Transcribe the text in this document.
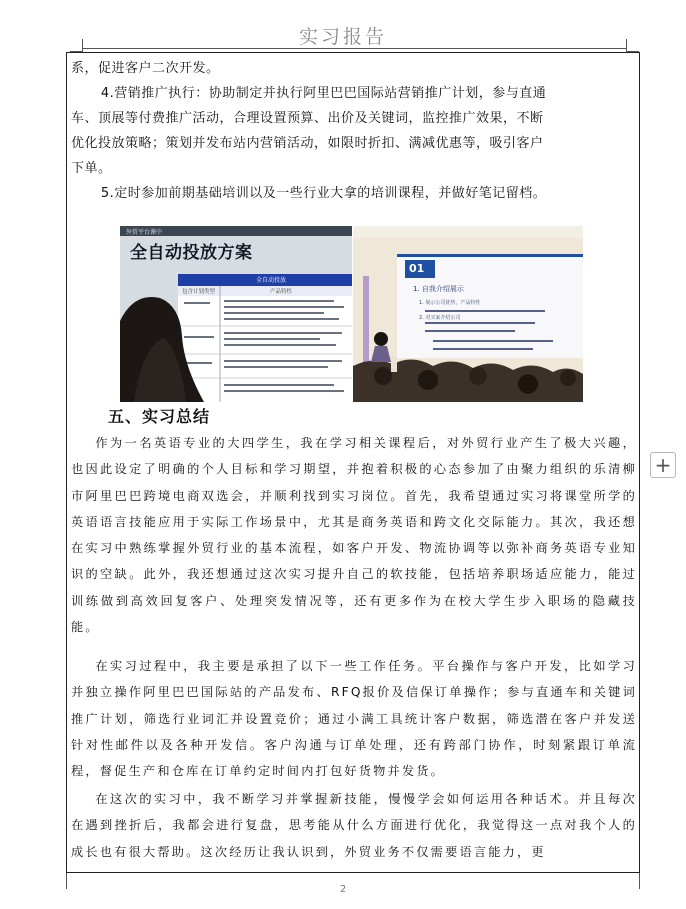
实习报告
系，促进客户二次开发。
4.营销推广执行：协助制定并执行阿里巴巴国际站营销推广计划，参与直通
车、顶展等付费推广活动，合理设置预算、出价及关键词，监控推广效果，不断
优化投放策略；策划并发布站内营销活动，如限时折扣、满减优惠等，吸引客户
下单。
5.定时参加前期基础培训以及一些行业大拿的培训课程，并做好笔记留档。
外贸平台课中
全自动投放方案
全自动投放
包含计划类型	产品特性
01
1. 自我介绍展示
1. 展示公司优势，产品特性
2. 对买家介绍公司
五、实习总结

作为一名英语专业的大四学生，我在学习相关课程后，对外贸行业产生了极大兴趣，也因此设定了明确的个人目标和学习期望，并抱着积极的心态参加了由聚力组织的乐清柳市阿里巴巴跨境电商双选会，并顺利找到实习岗位。首先，我希望通过实习将课堂所学的英语语言技能应用于实际工作场景中，尤其是商务英语和跨文化交际能力。其次，我还想在实习中熟练掌握外贸行业的基本流程，如客户开发、物流协调等以弥补商务英语专业知识的空缺。此外，我还想通过这次实习提升自己的软技能，包括培养职场适应能力，能过训练做到高效回复客户、处理突发情况等，还有更多作为在校大学生步入职场的隐藏技能。

在实习过程中，我主要是承担了以下一些工作任务。平台操作与客户开发，比如学习并独立操作阿里巴巴国际站的产品发布、RFQ报价及信保订单操作；参与直通车和关键词推广计划，筛选行业词汇并设置竞价；通过小满工具统计客户数据，筛选潜在客户并发送针对性邮件以及各种开发信。客户沟通与订单处理，还有跨部门协作，时刻紧跟订单流程，督促生产和仓库在订单约定时间内打包好货物并发货。

在这次的实习中，我不断学习并掌握新技能，慢慢学会如何运用各种话术。并且每次在遇到挫折后，我都会进行复盘，思考能从什么方面进行优化，我觉得这一点对我个人的成长也有很大帮助。这次经历让我认识到，外贸业务不仅需要语言能力，更

+
2
